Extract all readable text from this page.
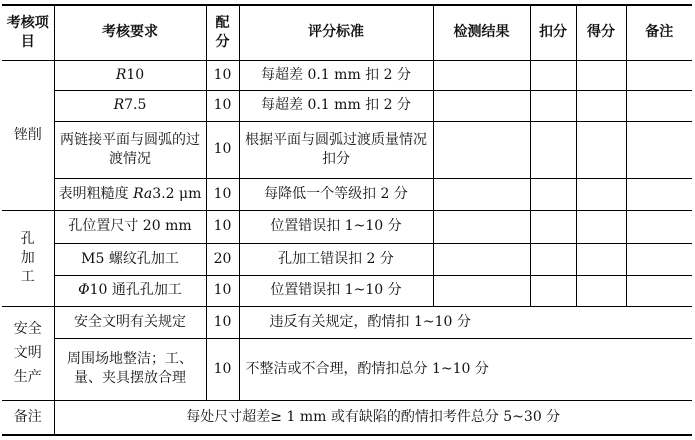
考核项目	考核要求	配分	评分标准	检测结果	扣分	得分	备注
锉削	R10	10	每超差 0.1 mm 扣 2 分				
	R7.5	10	每超差 0.1 mm 扣 2 分				
	两链接平面与圆弧的过渡情况	10	根据平面与圆弧过渡质量情况扣分				
	表明粗糙度 Ra3.2 μm	10	每降低一个等级扣 2 分				

孔加工	孔位置尺寸 20 mm	10	位置错误扣 1~10 分				
	M5 螺纹孔加工	20	孔加工错误扣 2 分				
	Φ10 通孔孔加工	10	位置错误扣 1~10 分				

安全文明生产	安全文明有关规定	10	违反有关规定，酌情扣 1~10 分				
	周围场地整洁；工、量、夹具摆放合理	10	不整洁或不合理，酌情扣总分 1~10 分				
备注	每处尺寸超差≥ 1 mm 或有缺陷的酌情扣考件总分 5~30 分						
